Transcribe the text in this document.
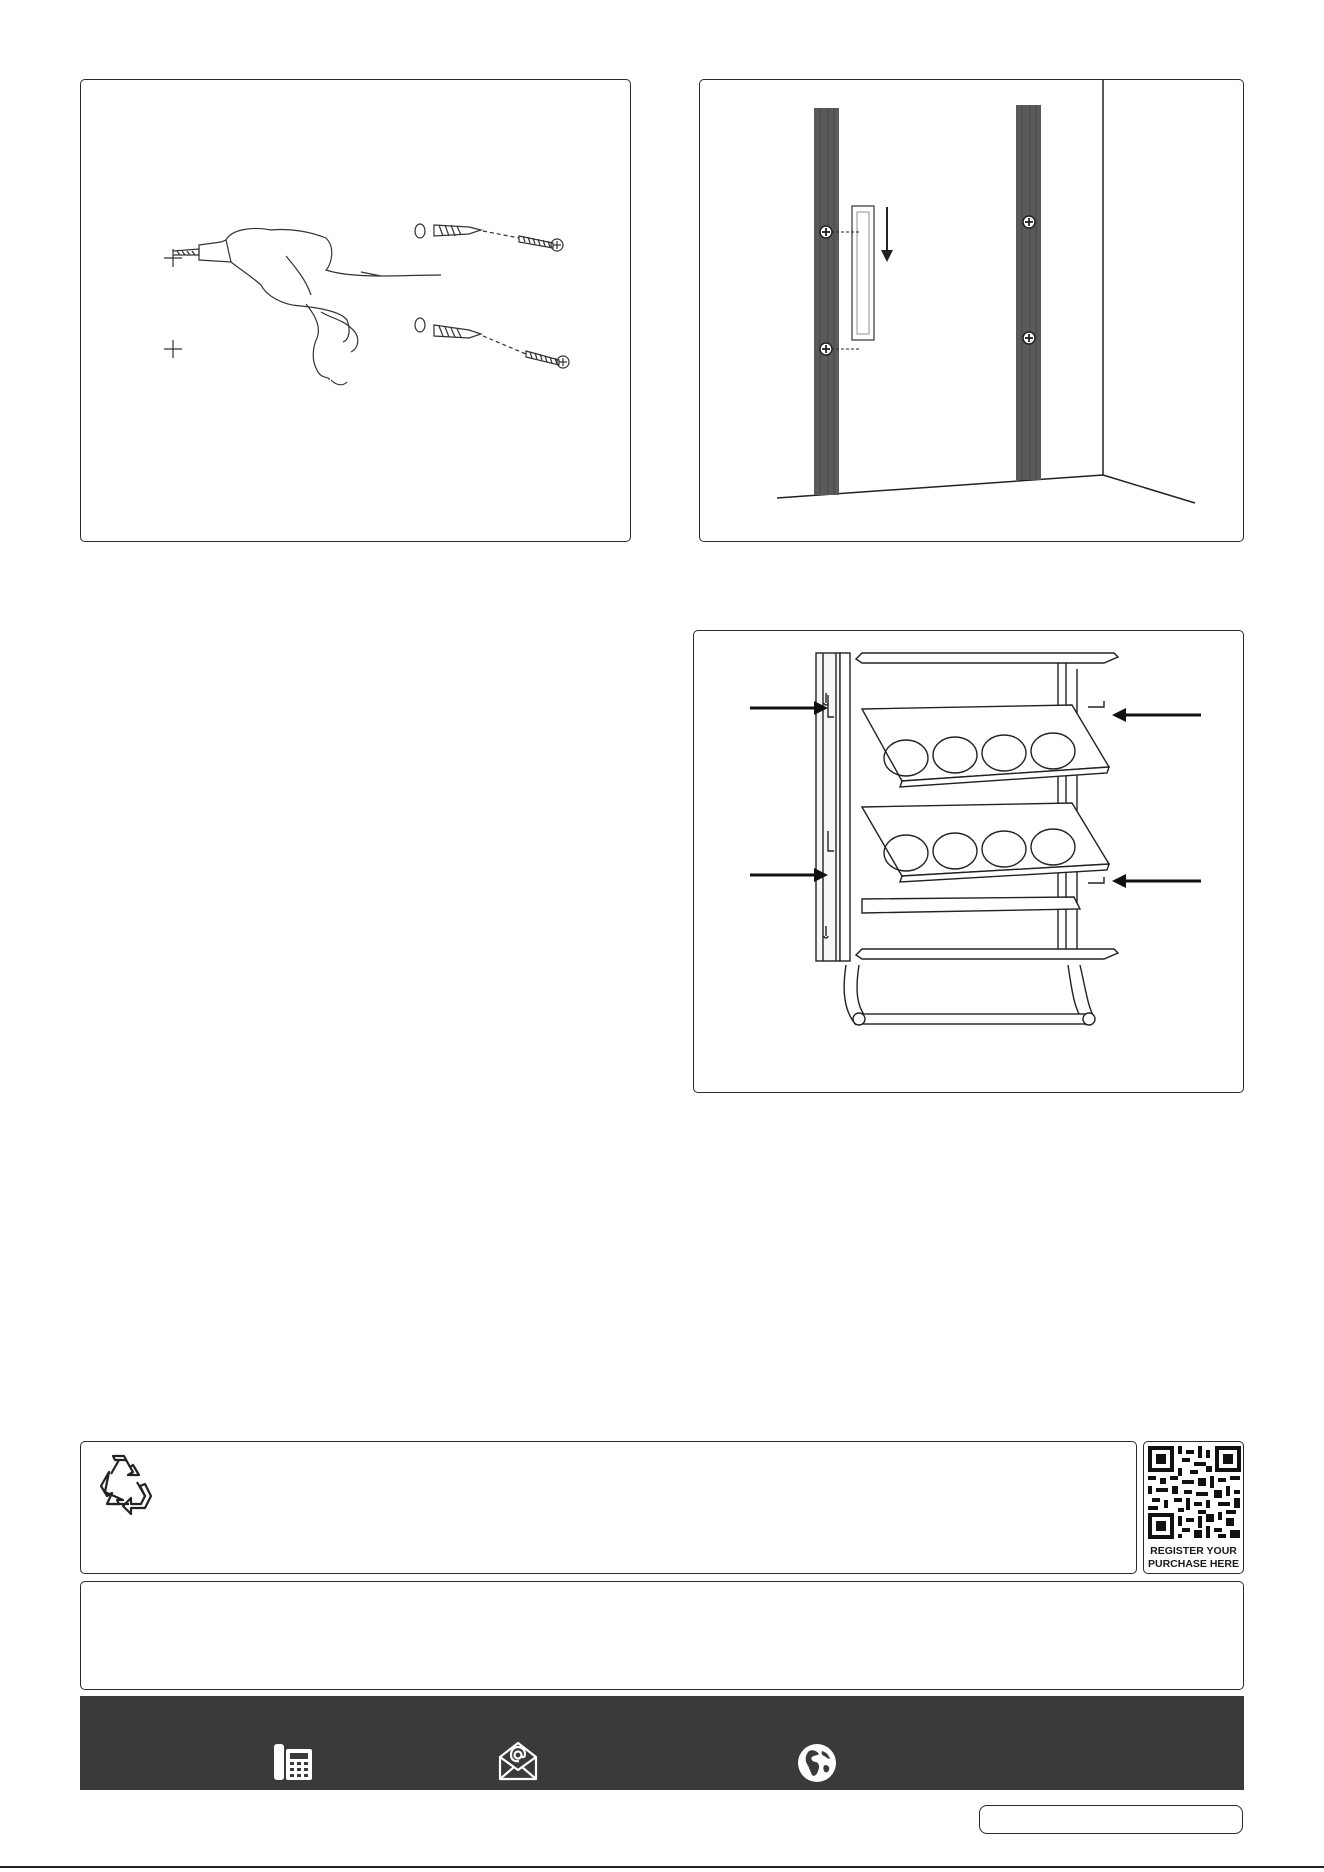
REGISTER YOUR
PURCHASE HERE
